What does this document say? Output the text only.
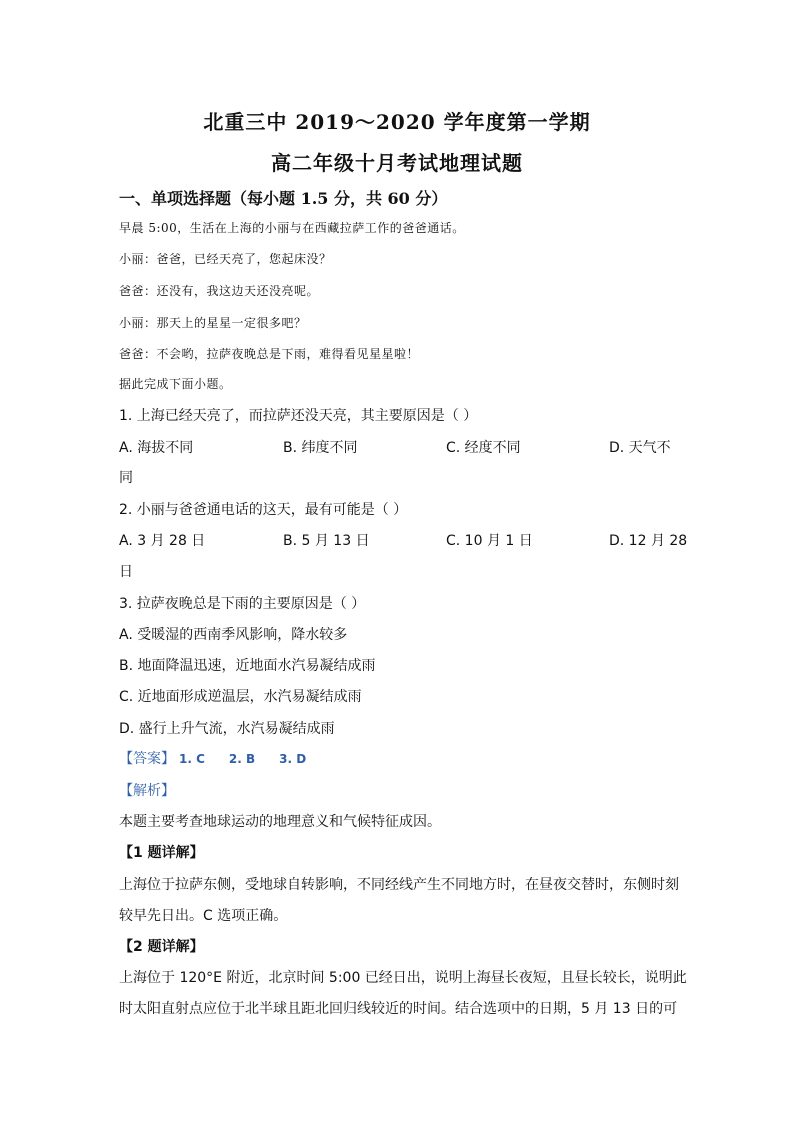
北重三中 2019～2020 学年度第一学期
高二年级十月考试地理试题
一、单项选择题（每小题 1.5 分，共 60 分）
早晨 5:00，生活在上海的小丽与在西藏拉萨工作的爸爸通话。
小丽：爸爸，已经天亮了，您起床没？
爸爸：还没有，我这边天还没亮呢。
小丽：那天上的星星一定很多吧？
爸爸：不会哟，拉萨夜晚总是下雨，难得看见星星啦！
据此完成下面小题。
1. 上海已经天亮了，而拉萨还没天亮，其主要原因是（ ）
A. 海拔不同	B. 纬度不同	C. 经度不同	D. 天气不
同
2. 小丽与爸爸通电话的这天，最有可能是（ ）
A. 3 月 28 日	B. 5 月 13 日	C. 10 月 1 日	D. 12 月 28
日
3. 拉萨夜晚总是下雨的主要原因是（ ）
A. 受暖湿的西南季风影响，降水较多
B. 地面降温迅速，近地面水汽易凝结成雨
C. 近地面形成逆温层，水汽易凝结成雨
D. 盛行上升气流，水汽易凝结成雨
【答案】 1. C 2. B 3. D
【解析】
本题主要考查地球运动的地理意义和气候特征成因。
【1 题详解】
上海位于拉萨东侧，受地球自转影响，不同经线产生不同地方时，在昼夜交替时，东侧时刻
较早先日出。C 选项正确。
【2 题详解】
上海位于 120°E 附近，北京时间 5:00 已经日出，说明上海昼长夜短，且昼长较长，说明此
时太阳直射点应位于北半球且距北回归线较近的时间。结合选项中的日期，5 月 13 日的可
